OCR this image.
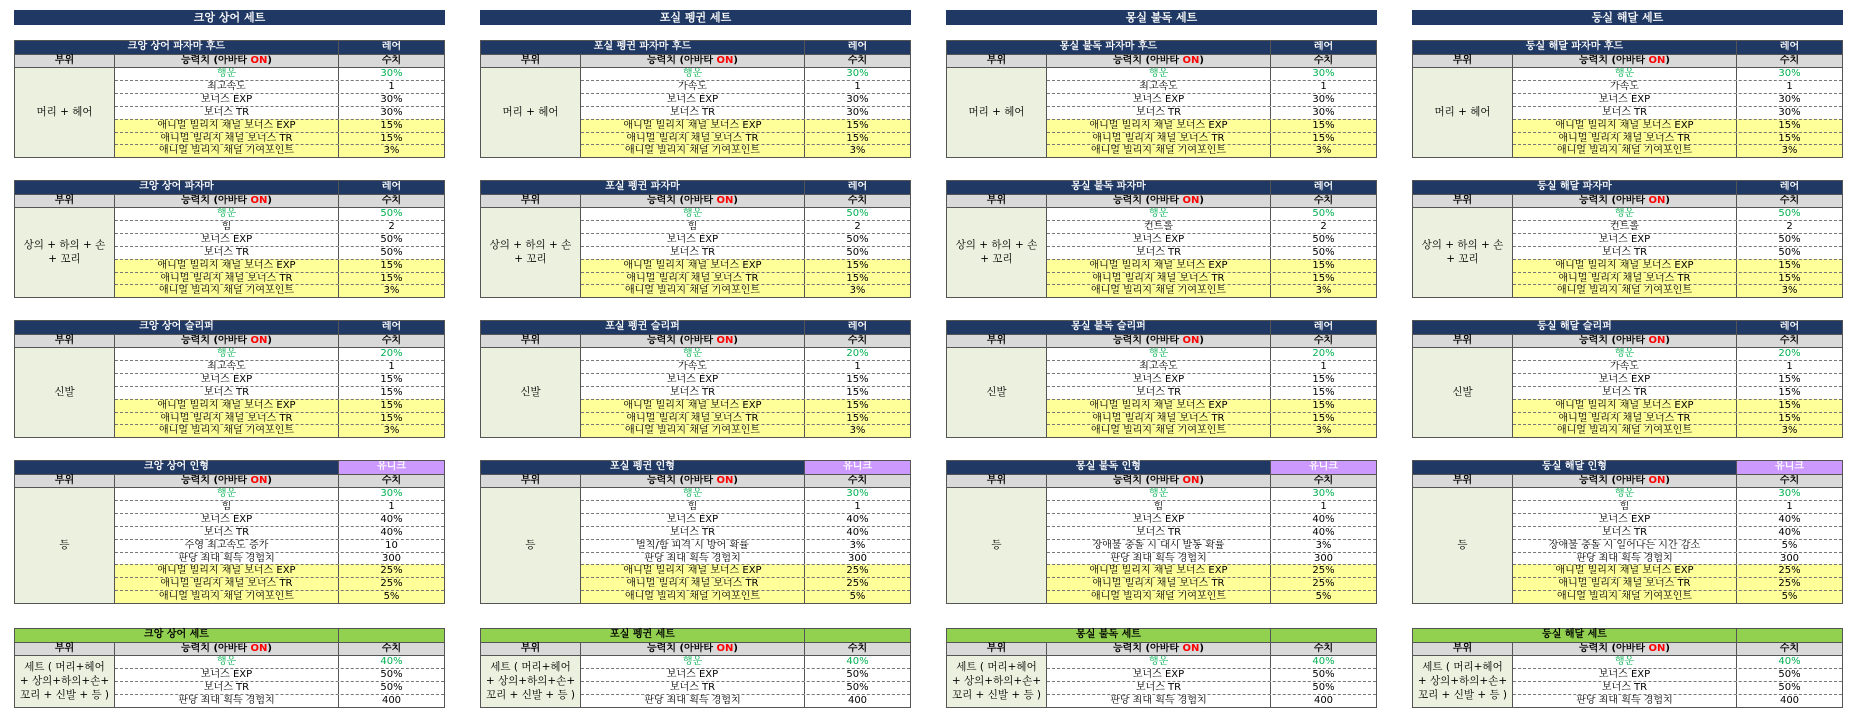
크앙 상어 세트
크앙 상어 파자마 후드	레어
부위	능력치 (아바타 ON)	수치
머리 + 헤어
행운	30%
최고속도	1
보너스 EXP	30%
보너스 TR	30%
애니멀 빌리지 채널 보너스 EXP	15%
애니멀 빌리지 채널 보너스 TR	15%
애니멀 빌리지 채널 기여포인트	3%
크앙 상어 파자마	레어
부위	능력치 (아바타 ON)	수치
상의 + 하의 + 손 + 꼬리
행운	50%
힘	2
보너스 EXP	50%
보너스 TR	50%
애니멀 빌리지 채널 보너스 EXP	15%
애니멀 빌리지 채널 보너스 TR	15%
애니멀 빌리지 채널 기여포인트	3%
크앙 상어 슬리퍼	레어
부위	능력치 (아바타 ON)	수치
신발
행운	20%
최고속도	1
보너스 EXP	15%
보너스 TR	15%
애니멀 빌리지 채널 보너스 EXP	15%
애니멀 빌리지 채널 보너스 TR	15%
애니멀 빌리지 채널 기여포인트	3%
크앙 상어 인형	유니크
부위	능력치 (아바타 ON)	수치
등
행운	30%
힘	1
보너스 EXP	40%
보너스 TR	40%
수영 최고속도 증가	10
판당 최대 획득 경험치	300
애니멀 빌리지 채널 보너스 EXP	25%
애니멀 빌리지 채널 보너스 TR	25%
애니멀 빌리지 채널 기여포인트	5%
크앙 상어 세트
부위	능력치 (아바타 ON)	수치
세트 ( 머리+헤어 + 상의+하의+손+ 꼬리 + 신발 + 등 )
행운	40%
보너스 EXP	50%
보너스 TR	50%
판당 최대 획득 경험치	400
포실 펭귄 세트
포실 펭귄 파자마 후드	레어
부위	능력치 (아바타 ON)	수치
머리 + 헤어
행운	30%
가속도	1
보너스 EXP	30%
보너스 TR	30%
애니멀 빌리지 채널 보너스 EXP	15%
애니멀 빌리지 채널 보너스 TR	15%
애니멀 빌리지 채널 기여포인트	3%
포실 펭귄 파자마	레어
부위	능력치 (아바타 ON)	수치
상의 + 하의 + 손 + 꼬리
행운	50%
힘	2
보너스 EXP	50%
보너스 TR	50%
애니멀 빌리지 채널 보너스 EXP	15%
애니멀 빌리지 채널 보너스 TR	15%
애니멀 빌리지 채널 기여포인트	3%
포실 펭귄 슬리퍼	레어
부위	능력치 (아바타 ON)	수치
신발
행운	20%
가속도	1
보너스 EXP	15%
보너스 TR	15%
애니멀 빌리지 채널 보너스 EXP	15%
애니멀 빌리지 채널 보너스 TR	15%
애니멀 빌리지 채널 기여포인트	3%
포실 펭귄 인형	유니크
부위	능력치 (아바타 ON)	수치
등
행운	30%
힘	1
보너스 EXP	40%
보너스 TR	40%
벌칙/함 피격 시 방어 확률	3%
판당 최대 획득 경험치	300
애니멀 빌리지 채널 보너스 EXP	25%
애니멀 빌리지 채널 보너스 TR	25%
애니멀 빌리지 채널 기여포인트	5%
포실 펭귄 세트
부위	능력치 (아바타 ON)	수치
세트 ( 머리+헤어 + 상의+하의+손+ 꼬리 + 신발 + 등 )
행운	40%
보너스 EXP	50%
보너스 TR	50%
판당 최대 획득 경험치	400
몽실 불독 세트
몽실 불독 파자마 후드	레어
부위	능력치 (아바타 ON)	수치
머리 + 헤어
행운	30%
최고속도	1
보너스 EXP	30%
보너스 TR	30%
애니멀 빌리지 채널 보너스 EXP	15%
애니멀 빌리지 채널 보너스 TR	15%
애니멀 빌리지 채널 기여포인트	3%
몽실 불독 파자마	레어
부위	능력치 (아바타 ON)	수치
상의 + 하의 + 손 + 꼬리
행운	50%
컨트롤	2
보너스 EXP	50%
보너스 TR	50%
애니멀 빌리지 채널 보너스 EXP	15%
애니멀 빌리지 채널 보너스 TR	15%
애니멀 빌리지 채널 기여포인트	3%
몽실 불독 슬리퍼	레어
부위	능력치 (아바타 ON)	수치
신발
행운	20%
최고속도	1
보너스 EXP	15%
보너스 TR	15%
애니멀 빌리지 채널 보너스 EXP	15%
애니멀 빌리지 채널 보너스 TR	15%
애니멀 빌리지 채널 기여포인트	3%
몽실 불독 인형	유니크
부위	능력치 (아바타 ON)	수치
등
행운	30%
힘	1
보너스 EXP	40%
보너스 TR	40%
장애물 충돌 시 대시 발동 확률	3%
판당 최대 획득 경험치	300
애니멀 빌리지 채널 보너스 EXP	25%
애니멀 빌리지 채널 보너스 TR	25%
애니멀 빌리지 채널 기여포인트	5%
몽실 불독 세트
부위	능력치 (아바타 ON)	수치
세트 ( 머리+헤어 + 상의+하의+손+ 꼬리 + 신발 + 등 )
행운	40%
보너스 EXP	50%
보너스 TR	50%
판당 최대 획득 경험치	400
둥실 해달 세트
둥실 해달 파자마 후드	레어
부위	능력치 (아바타 ON)	수치
머리 + 헤어
행운	30%
가속도	1
보너스 EXP	30%
보너스 TR	30%
애니멀 빌리지 채널 보너스 EXP	15%
애니멀 빌리지 채널 보너스 TR	15%
애니멀 빌리지 채널 기여포인트	3%
둥실 해달 파자마	레어
부위	능력치 (아바타 ON)	수치
상의 + 하의 + 손 + 꼬리
행운	50%
컨트롤	2
보너스 EXP	50%
보너스 TR	50%
애니멀 빌리지 채널 보너스 EXP	15%
애니멀 빌리지 채널 보너스 TR	15%
애니멀 빌리지 채널 기여포인트	3%
둥실 해달 슬리퍼	레어
부위	능력치 (아바타 ON)	수치
신발
행운	20%
가속도	1
보너스 EXP	15%
보너스 TR	15%
애니멀 빌리지 채널 보너스 EXP	15%
애니멀 빌리지 채널 보너스 TR	15%
애니멀 빌리지 채널 기여포인트	3%
둥실 해달 인형	유니크
부위	능력치 (아바타 ON)	수치
등
행운	30%
힘	1
보너스 EXP	40%
보너스 TR	40%
장애물 충돌 시 일어나는 시간 감소	5%
판당 최대 획득 경험치	300
애니멀 빌리지 채널 보너스 EXP	25%
애니멀 빌리지 채널 보너스 TR	25%
애니멀 빌리지 채널 기여포인트	5%
둥실 해달 세트
부위	능력치 (아바타 ON)	수치
세트 ( 머리+헤어 + 상의+하의+손+ 꼬리 + 신발 + 등 )
행운	40%
보너스 EXP	50%
보너스 TR	50%
판당 최대 획득 경험치	400
